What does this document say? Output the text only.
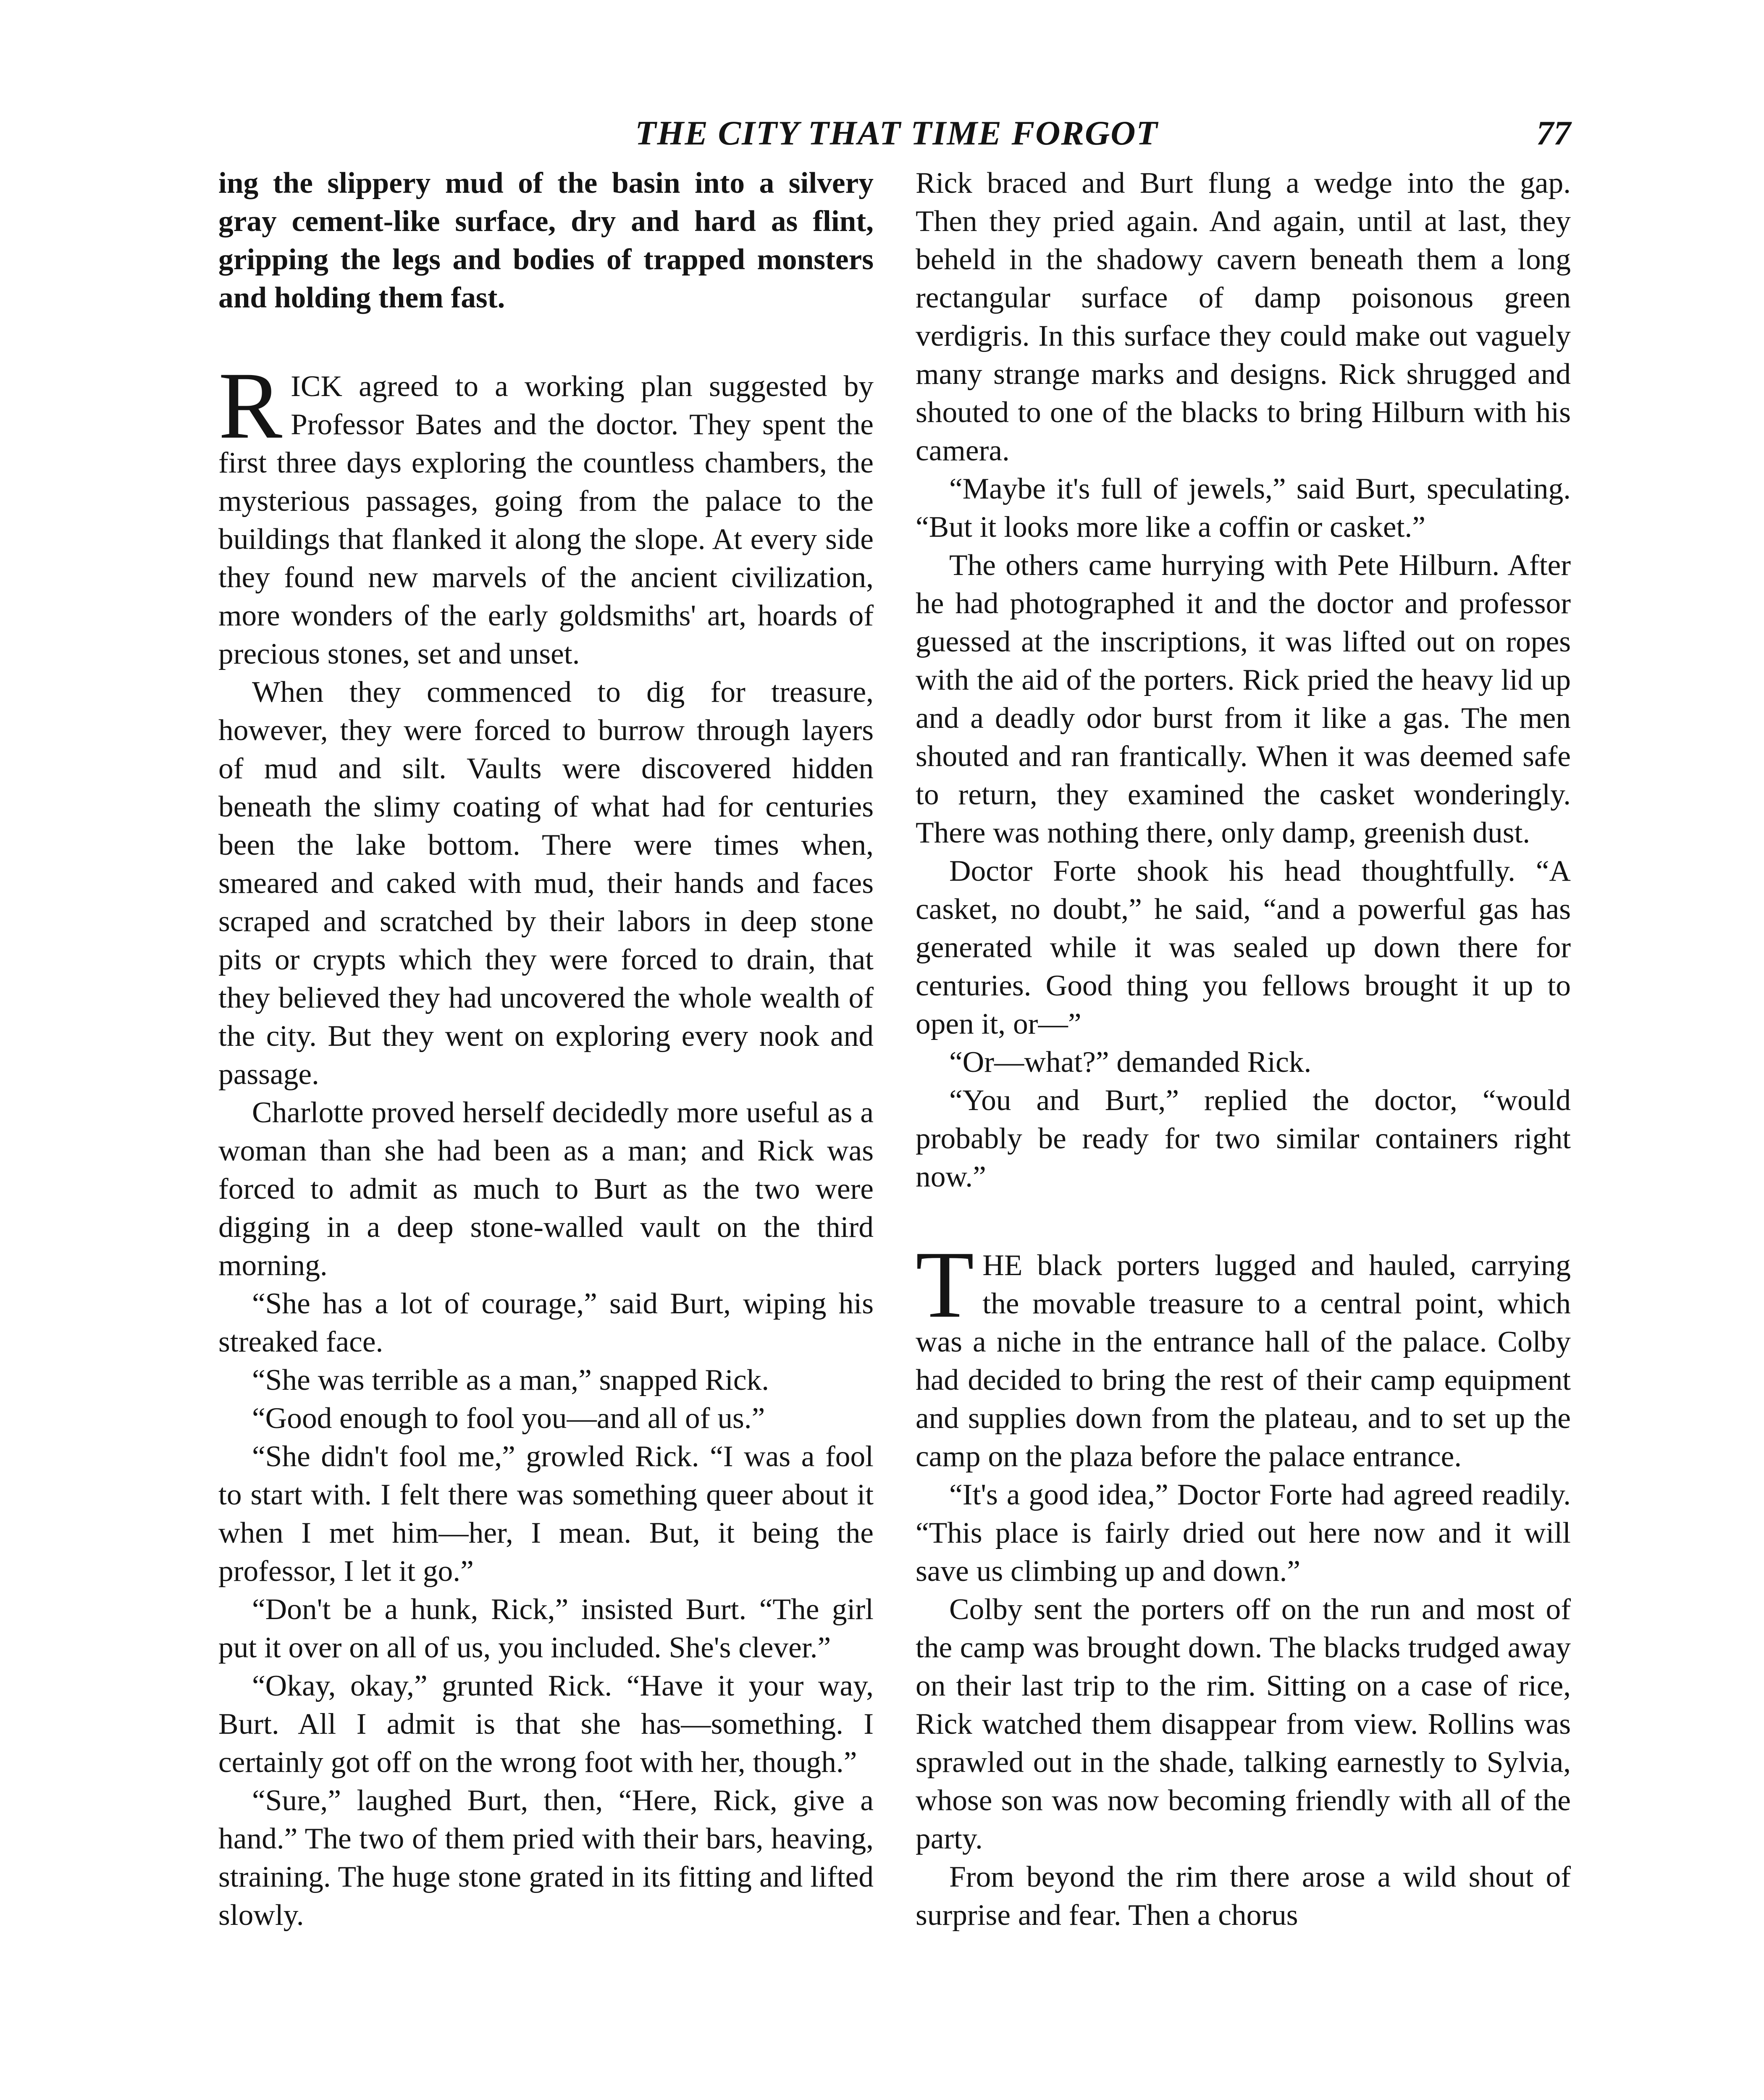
THE CITY THAT TIME FORGOT	77

ing the slippery mud of the basin into a silvery gray cement-like surface, dry and hard as flint, gripping the legs and bodies of trapped monsters and holding them fast.

RICK agreed to a working plan suggested by Professor Bates and the doctor. They spent the first three days exploring the countless chambers, the mysterious passages, going from the palace to the buildings that flanked it along the slope. At every side they found new marvels of the ancient civilization, more wonders of the early goldsmiths' art, hoards of precious stones, set and unset.

When they commenced to dig for treasure, however, they were forced to burrow through layers of mud and silt. Vaults were discovered hidden beneath the slimy coating of what had for centuries been the lake bottom. There were times when, smeared and caked with mud, their hands and faces scraped and scratched by their labors in deep stone pits or crypts which they were forced to drain, that they believed they had uncovered the whole wealth of the city. But they went on exploring every nook and passage.

Charlotte proved herself decidedly more useful as a woman than she had been as a man; and Rick was forced to admit as much to Burt as the two were digging in a deep stone-walled vault on the third morning.

“She has a lot of courage,” said Burt, wiping his streaked face.

“She was terrible as a man,” snapped Rick.

“Good enough to fool you—and all of us.”

“She didn't fool me,” growled Rick. “I was a fool to start with. I felt there was something queer about it when I met him—her, I mean. But, it being the professor, I let it go.”

“Don't be a hunk, Rick,” insisted Burt. “The girl put it over on all of us, you included. She's clever.”

“Okay, okay,” grunted Rick. “Have it your way, Burt. All I admit is that she has—something. I certainly got off on the wrong foot with her, though.”

“Sure,” laughed Burt, then, “Here, Rick, give a hand.” The two of them pried with their bars, heaving, straining. The huge stone grated in its fitting and lifted slowly.

Rick braced and Burt flung a wedge into the gap. Then they pried again. And again, until at last, they beheld in the shadowy cavern beneath them a long rectangular surface of damp poisonous green verdigris. In this surface they could make out vaguely many strange marks and designs. Rick shrugged and shouted to one of the blacks to bring Hilburn with his camera.

“Maybe it's full of jewels,” said Burt, speculating. “But it looks more like a coffin or casket.”

The others came hurrying with Pete Hilburn. After he had photographed it and the doctor and professor guessed at the inscriptions, it was lifted out on ropes with the aid of the porters. Rick pried the heavy lid up and a deadly odor burst from it like a gas. The men shouted and ran frantically. When it was deemed safe to return, they examined the casket wonderingly. There was nothing there, only damp, greenish dust.

Doctor Forte shook his head thoughtfully. “A casket, no doubt,” he said, “and a powerful gas has generated while it was sealed up down there for centuries. Good thing you fellows brought it up to open it, or—”

“Or—what?” demanded Rick.

“You and Burt,” replied the doctor, “would probably be ready for two similar containers right now.”

THE black porters lugged and hauled, carrying the movable treasure to a central point, which was a niche in the entrance hall of the palace. Colby had decided to bring the rest of their camp equipment and supplies down from the plateau, and to set up the camp on the plaza before the palace entrance.

“It's a good idea,” Doctor Forte had agreed readily. “This place is fairly dried out here now and it will save us climbing up and down.”

Colby sent the porters off on the run and most of the camp was brought down. The blacks trudged away on their last trip to the rim. Sitting on a case of rice, Rick watched them disappear from view. Rollins was sprawled out in the shade, talking earnestly to Sylvia, whose son was now becoming friendly with all of the party.

From beyond the rim there arose a wild shout of surprise and fear. Then a chorus
